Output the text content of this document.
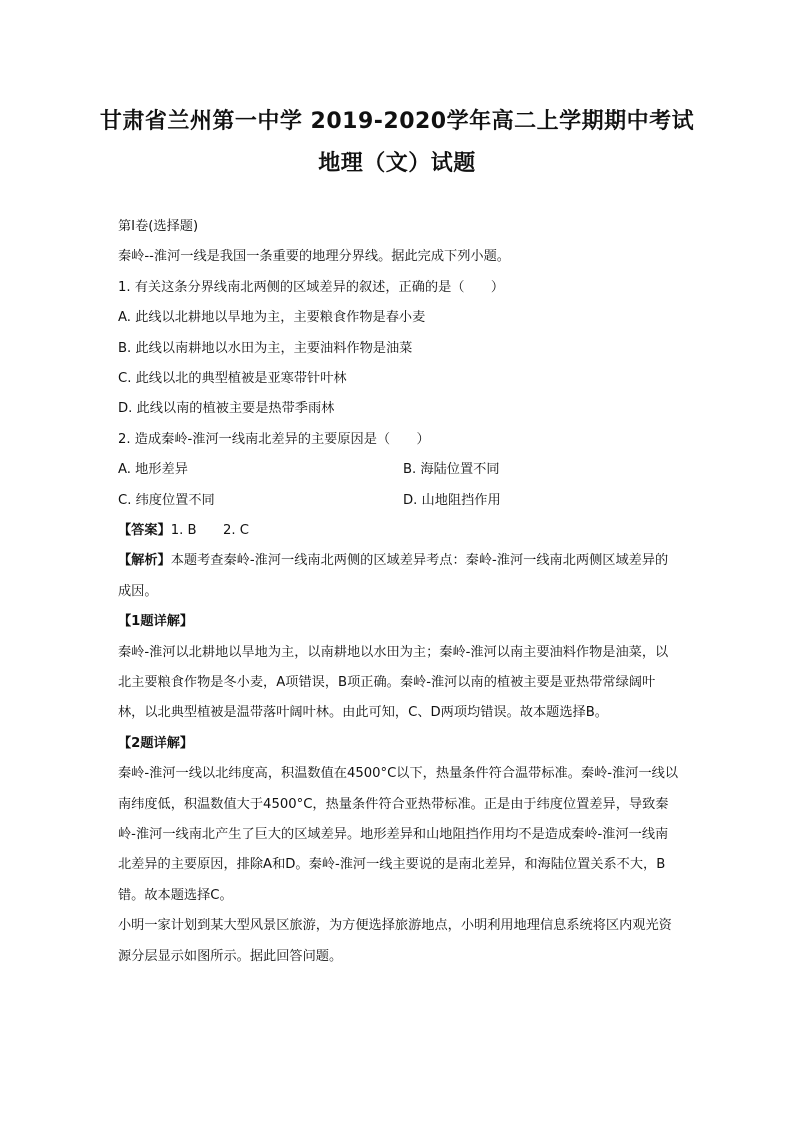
甘肃省兰州第一中学 2019-2020学年高二上学期期中考试
地理（文）试题
第Ⅰ卷(选择题)
秦岭--淮河一线是我国一条重要的地理分界线。据此完成下列小题。
1. 有关这条分界线南北两侧的区域差异的叙述，正确的是（　　）
A. 此线以北耕地以旱地为主，主要粮食作物是春小麦
B. 此线以南耕地以水田为主，主要油料作物是油菜
C. 此线以北的典型植被是亚寒带针叶林
D. 此线以南的植被主要是热带季雨林
2. 造成秦岭-淮河一线南北差异的主要原因是（　　）
A. 地形差异	B. 海陆位置不同
C. 纬度位置不同	D. 山地阻挡作用
【答案】1. B　　2. C
【解析】本题考查秦岭-淮河一线南北两侧的区域差异考点：秦岭-淮河一线南北两侧区域差异的成因。
【1题详解】
秦岭-淮河以北耕地以旱地为主，以南耕地以水田为主；秦岭-淮河以南主要油料作物是油菜，以北主要粮食作物是冬小麦，A项错误，B项正确。秦岭-淮河以南的植被主要是亚热带常绿阔叶林，以北典型植被是温带落叶阔叶林。由此可知，C、D两项均错误。故本题选择B。
【2题详解】
秦岭-淮河一线以北纬度高，积温数值在4500°C以下，热量条件符合温带标准。秦岭-淮河一线以南纬度低，积温数值大于4500°C，热量条件符合亚热带标准。正是由于纬度位置差异，导致秦岭-淮河一线南北产生了巨大的区域差异。地形差异和山地阻挡作用均不是造成秦岭-淮河一线南北差异的主要原因，排除A和D。秦岭-淮河一线主要说的是南北差异，和海陆位置关系不大，B错。故本题选择C。
小明一家计划到某大型风景区旅游，为方便选择旅游地点，小明利用地理信息系统将区内观光资源分层显示如图所示。据此回答问题。
